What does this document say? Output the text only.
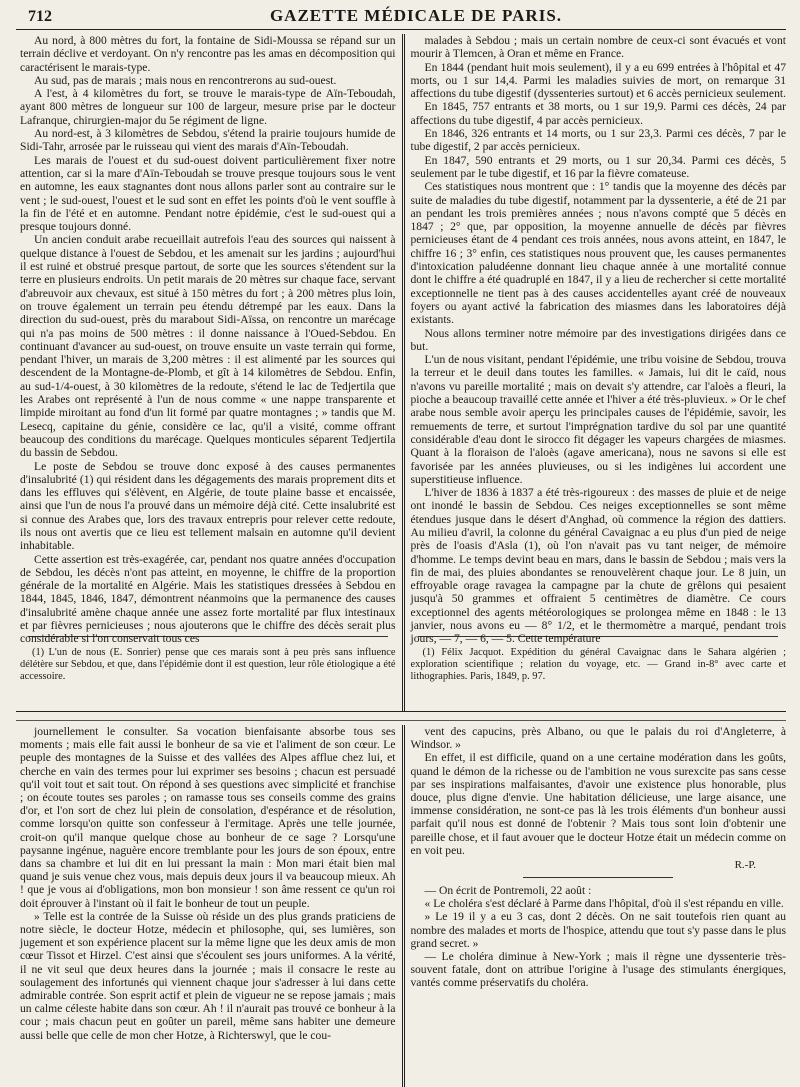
712	GAZETTE MÉDICALE DE PARIS.

Au nord, à 800 mètres du fort, la fontaine de Sidi-Moussa se répand sur un terrain déclive et verdoyant. On n'y rencontre pas les amas en décomposition qui caractérisent le marais-type.

Au sud, pas de marais ; mais nous en rencontrerons au sud-ouest.

A l'est, à 4 kilomètres du fort, se trouve le marais-type de Aïn-Teboudah, ayant 800 mètres de longueur sur 100 de largeur, mesure prise par le docteur Lafranque, chirurgien-major du 5e régiment de ligne.

Au nord-est, à 3 kilomètres de Sebdou, s'étend la prairie toujours humide de Sidi-Tahr, arrosée par le ruisseau qui vient des marais d'Aïn-Teboudah.

Les marais de l'ouest et du sud-ouest doivent particulièrement fixer notre attention, car si la mare d'Aïn-Teboudah se trouve presque toujours sous le vent en automne, les eaux stagnantes dont nous allons parler sont au contraire sur le vent ; le sud-ouest, l'ouest et le sud sont en effet les points d'où le vent souffle à la fin de l'été et en automne. Pendant notre épidémie, c'est le sud-ouest qui a presque toujours donné.

Un ancien conduit arabe recueillait autrefois l'eau des sources qui naissent à quelque distance à l'ouest de Sebdou, et les amenait sur les jardins ; aujourd'hui il est ruiné et obstrué presque partout, de sorte que les sources s'étendent sur la terre en plusieurs endroits. Un petit marais de 20 mètres sur chaque face, servant d'abreuvoir aux chevaux, est situé à 150 mètres du fort ; à 200 mètres plus loin, on trouve également un terrain peu étendu détrempé par les eaux. Dans la direction du sud-ouest, près du marabout Sidi-Aïssa, on rencontre un marécage qui n'a pas moins de 500 mètres : il donne naissance à l'Oued-Sebdou. En continuant d'avancer au sud-ouest, on trouve ensuite un vaste terrain qui forme, pendant l'hiver, un marais de 3,200 mètres : il est alimenté par les sources qui descendent de la Montagne-de-Plomb, et gît à 14 kilomètres de Sebdou. Enfin, au sud-1/4-ouest, à 30 kilomètres de la redoute, s'étend le lac de Tedjertila que les Arabes ont représenté à l'un de nous comme « une nappe transparente et limpide miroitant au fond d'un lit formé par quatre montagnes ; » tandis que M. Lesecq, capitaine du génie, considère ce lac, qu'il a visité, comme offrant beaucoup des conditions du marécage. Quelques monticules séparent Tedjertila du bassin de Sebdou.

Le poste de Sebdou se trouve donc exposé à des causes permanentes d'insalubrité (1) qui résident dans les dégagements des marais proprement dits et dans les effluves qui s'élèvent, en Algérie, de toute plaine basse et encaissée, ainsi que l'un de nous l'a prouvé dans un mémoire déjà cité. Cette insalubrité est si connue des Arabes que, lors des travaux entrepris pour relever cette redoute, ils nous ont avertis que ce lieu est tellement malsain en automne qu'il devient inhabitable.

Cette assertion est très-exagérée, car, pendant nos quatre années d'occupation de Sebdou, les décès n'ont pas atteint, en moyenne, le chiffre de la proportion générale de la mortalité en Algérie. Mais les statistiques dressées à Sebdou en 1844, 1845, 1846, 1847, démontrent néanmoins que la permanence des causes d'insalubrité amène chaque année une assez forte mortalité par flux intestinaux et par fièvres pernicieuses ; nous ajouterons que le chiffre des décès serait plus considérable si l'on conservait tous ces

(1) L'un de nous (E. Sonrier) pense que ces marais sont à peu près sans influence délétère sur Sebdou, et que, dans l'épidémie dont il est question, leur rôle étiologique a été accessoire.

malades à Sebdou ; mais un certain nombre de ceux-ci sont évacués et vont mourir à Tlemcen, à Oran et même en France.

En 1844 (pendant huit mois seulement), il y a eu 699 entrées à l'hôpital et 47 morts, ou 1 sur 14,4. Parmi les maladies suivies de mort, on remarque 31 affections du tube digestif (dyssenteries surtout) et 6 accès pernicieux seulement.

En 1845, 757 entrants et 38 morts, ou 1 sur 19,9. Parmi ces décès, 24 par affections du tube digestif, 4 par accès pernicieux.

En 1846, 326 entrants et 14 morts, ou 1 sur 23,3. Parmi ces décès, 7 par le tube digestif, 2 par accès pernicieux.

En 1847, 590 entrants et 29 morts, ou 1 sur 20,34. Parmi ces décès, 5 seulement par le tube digestif, et 16 par la fièvre comateuse.

Ces statistiques nous montrent que : 1° tandis que la moyenne des décès par suite de maladies du tube digestif, notamment par la dyssenterie, a été de 21 par an pendant les trois premières années ; nous n'avons compté que 5 décès en 1847 ; 2° que, par opposition, la moyenne annuelle de décès par fièvres pernicieuses étant de 4 pendant ces trois années, nous avons atteint, en 1847, le chiffre 16 ; 3° enfin, ces statistiques nous prouvent que, les causes permanentes d'intoxication paludéenne donnant lieu chaque année à une mortalité connue dont le chiffre a été quadruplé en 1847, il y a lieu de rechercher si cette mortalité exceptionnelle ne tient pas à des causes accidentelles ayant créé de nouveaux foyers ou ayant activé la fabrication des miasmes dans les laboratoires déjà existants.

Nous allons terminer notre mémoire par des investigations dirigées dans ce but.

L'un de nous visitant, pendant l'épidémie, une tribu voisine de Sebdou, trouva la terreur et le deuil dans toutes les familles. « Jamais, lui dit le caïd, nous n'avons vu pareille mortalité ; mais on devait s'y attendre, car l'aloès a fleuri, la pioche a beaucoup travaillé cette année et l'hiver a été très-pluvieux. » Or le chef arabe nous semble avoir aperçu les principales causes de l'épidémie, savoir, les remuements de terre, et surtout l'imprégnation tardive du sol par une quantité considérable d'eau dont le sirocco fit dégager les vapeurs chargées de miasmes. Quant à la floraison de l'aloès (agave americana), nous ne savons si elle est favorisée par les années pluvieuses, ou si les indigènes lui accordent une superstitieuse influence.

L'hiver de 1836 à 1837 a été très-rigoureux : des masses de pluie et de neige ont inondé le bassin de Sebdou. Ces neiges exceptionnelles se sont même étendues jusque dans le désert d'Anghad, où commence la région des dattiers. Au milieu d'avril, la colonne du général Cavaignac a eu plus d'un pied de neige près de l'oasis d'Asla (1), où l'on n'avait pas vu tant neiger, de mémoire d'homme. Le temps devint beau en mars, dans le bassin de Sebdou ; mais vers la fin de mai, des pluies abondantes se renouvelèrent chaque jour. Le 8 juin, un effroyable orage ravagea la campagne par la chute de grêlons qui pesaient jusqu'à 50 grammes et offraient 5 centimètres de diamètre. Ce cours exceptionnel des agents météorologiques se prolongea même en 1848 : le 13 janvier, nous avons eu — 8° 1/2, et le thermomètre a marqué, pendant trois jours, — 7, — 6, — 5. Cette température

(1) Félix Jacquot. Expédition du général Cavaignac dans le Sahara algérien ; exploration scientifique ; relation du voyage, etc. — Grand in-8° avec carte et lithographies. Paris, 1849, p. 97.

journellement le consulter. Sa vocation bienfaisante absorbe tous ses moments ; mais elle fait aussi le bonheur de sa vie et l'aliment de son cœur. Le peuple des montagnes de la Suisse et des vallées des Alpes afflue chez lui, et cherche en vain des termes pour lui exprimer ses besoins ; chacun est persuadé qu'il voit tout et sait tout. On répond à ses questions avec simplicité et franchise ; on écoute toutes ses paroles ; on ramasse tous ses conseils comme des grains d'or, et l'on sort de chez lui plein de consolation, d'espérance et de résolution, comme lorsqu'on quitte son confesseur à l'ermitage. Après une telle journée, croit-on qu'il manque quelque chose au bonheur de ce sage ? Lorsqu'une paysanne ingénue, naguère encore tremblante pour les jours de son époux, entre dans sa chambre et lui dit en lui pressant la main : Mon mari était bien mal quand je suis venue chez vous, mais depuis deux jours il va beaucoup mieux. Ah ! que je vous ai d'obligations, mon bon monsieur ! son âme ressent ce qu'un roi doit éprouver à l'instant où il fait le bonheur de tout un peuple.

» Telle est la contrée de la Suisse où réside un des plus grands praticiens de notre siècle, le docteur Hotze, médecin et philosophe, qui, ses lumières, son jugement et son expérience placent sur la même ligne que les deux amis de mon cœur Tissot et Hirzel. C'est ainsi que s'écoulent ses jours uniformes. A la vérité, il ne vit seul que deux heures dans la journée ; mais il consacre le reste au soulagement des infortunés qui viennent chaque jour s'adresser à lui dans cette admirable contrée. Son esprit actif et plein de vigueur ne se repose jamais ; mais un calme céleste habite dans son cœur. Ah ! il n'aurait pas trouvé ce bonheur à la cour ; mais chacun peut en goûter un pareil, même sans habiter une demeure aussi belle que celle de mon cher Hotze, à Richterswyl, que le cou-

vent des capucins, près Albano, ou que le palais du roi d'Angleterre, à Windsor. »

En effet, il est difficile, quand on a une certaine modération dans les goûts, quand le démon de la richesse ou de l'ambition ne vous surexcite pas sans cesse par ses inspirations malfaisantes, d'avoir une existence plus honorable, plus douce, plus digne d'envie. Une habitation délicieuse, une large aisance, une immense considération, ne sont-ce pas là les trois éléments d'un bonheur aussi parfait qu'il nous est donné de l'obtenir ? Mais tous sont loin d'obtenir une pareille chose, et il faut avouer que le docteur Hotze était un médecin comme on en voit peu.

R.-P.

— On écrit de Pontremoli, 22 août :

« Le choléra s'est déclaré à Parme dans l'hôpital, d'où il s'est répandu en ville.

» Le 19 il y a eu 3 cas, dont 2 décès. On ne sait toutefois rien quant au nombre des malades et morts de l'hospice, attendu que tout s'y passe dans le plus grand secret. »

— Le choléra diminue à New-York ; mais il règne une dyssenterie très-souvent fatale, dont on attribue l'origine à l'usage des stimulants énergiques, vantés comme préservatifs du choléra.
